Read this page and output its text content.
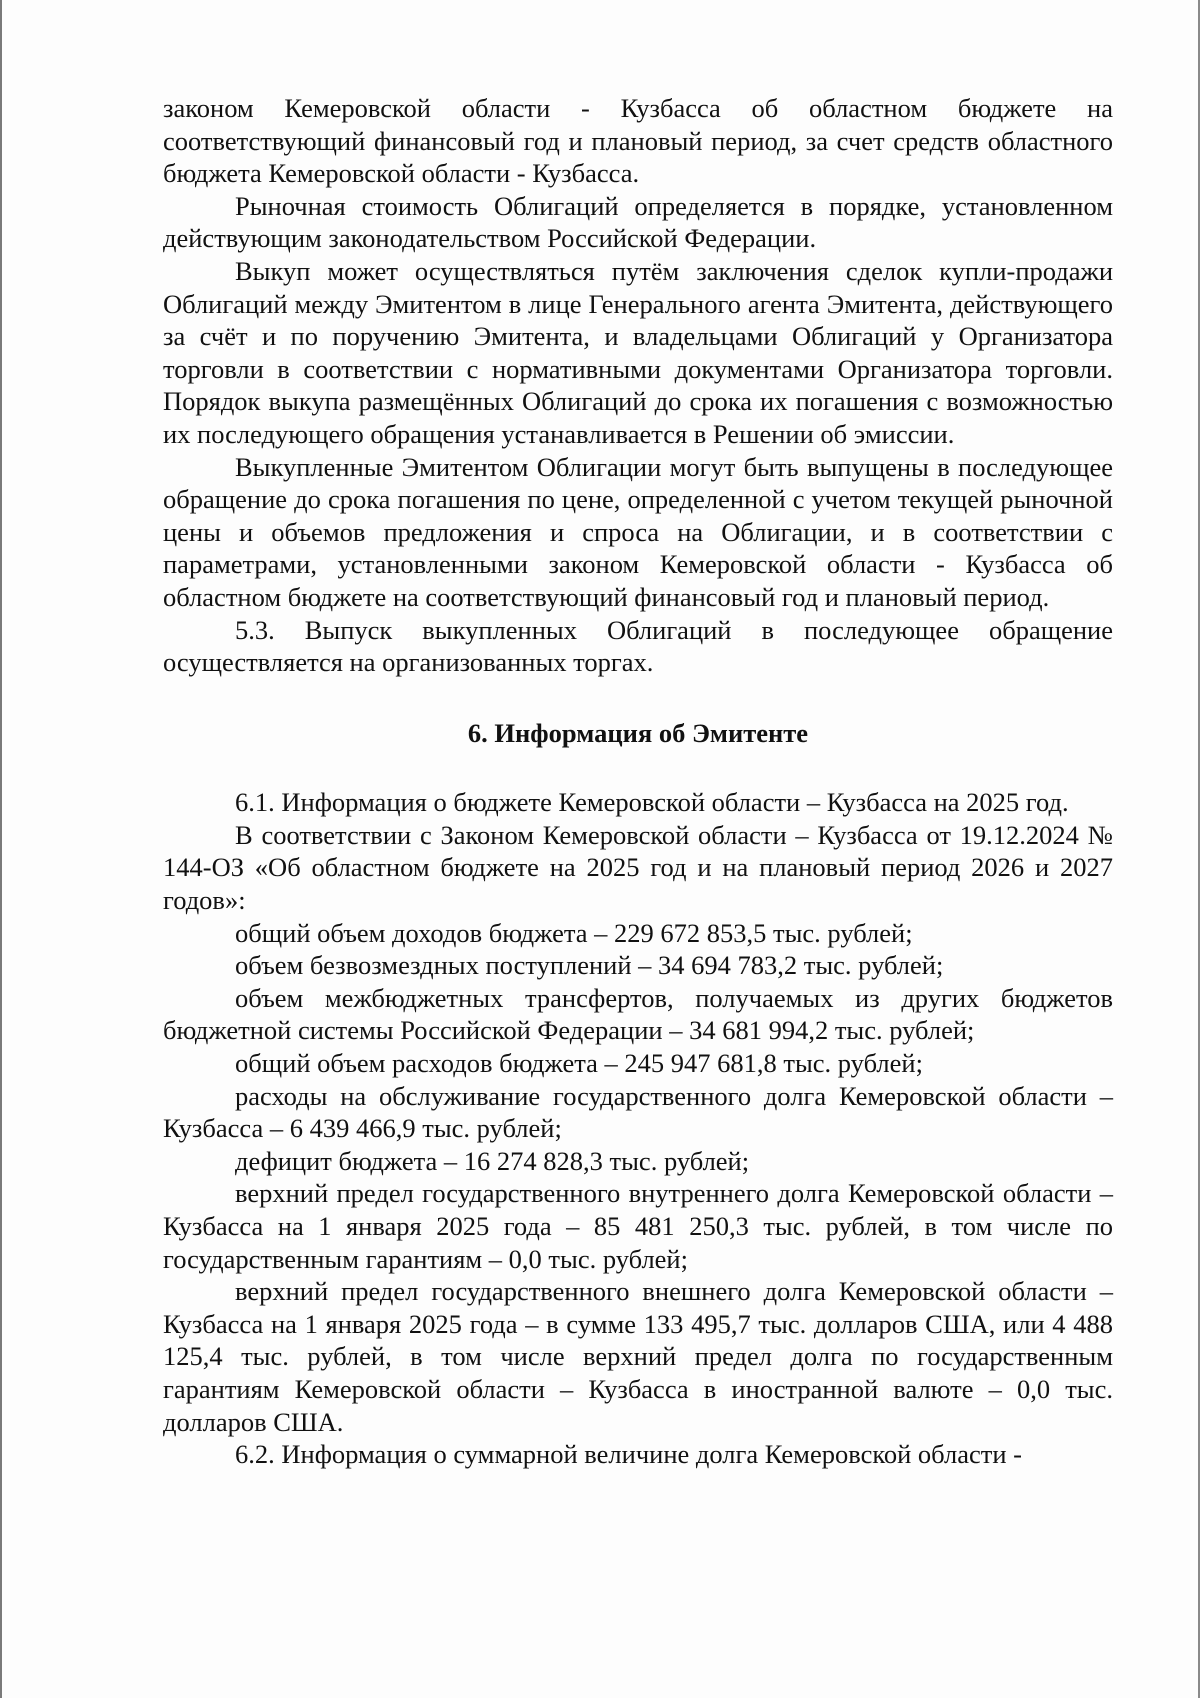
законом Кемеровской области - Кузбасса об областном бюджете на соответствующий финансовый год и плановый период, за счет средств областного бюджета Кемеровской области - Кузбасса.

Рыночная стоимость Облигаций определяется в порядке, установленном действующим законодательством Российской Федерации.

Выкуп может осуществляться путём заключения сделок купли-продажи Облигаций между Эмитентом в лице Генерального агента Эмитента, действующего за счёт и по поручению Эмитента, и владельцами Облигаций у Организатора торговли в соответствии с нормативными документами Организатора торговли. Порядок выкупа размещённых Облигаций до срока их погашения с возможностью их последующего обращения устанавливается в Решении об эмиссии.

Выкупленные Эмитентом Облигации могут быть выпущены в последующее обращение до срока погашения по цене, определенной с учетом текущей рыночной цены и объемов предложения и спроса на Облигации, и в соответствии с параметрами, установленными законом Кемеровской области - Кузбасса об областном бюджете на соответствующий финансовый год и плановый период.

5.3. Выпуск выкупленных Облигаций в последующее обращение осуществляется на организованных торгах.

6. Информация об Эмитенте

6.1. Информация о бюджете Кемеровской области – Кузбасса на 2025 год.

В соответствии с Законом Кемеровской области – Кузбасса от 19.12.2024 № 144-ОЗ «Об областном бюджете на 2025 год и на плановый период 2026 и 2027 годов»:

общий объем доходов бюджета – 229 672 853,5 тыс. рублей;

объем безвозмездных поступлений – 34 694 783,2 тыс. рублей;

объем межбюджетных трансфертов, получаемых из других бюджетов бюджетной системы Российской Федерации – 34 681 994,2 тыс. рублей;

общий объем расходов бюджета – 245 947 681,8 тыс. рублей;

расходы на обслуживание государственного долга Кемеровской области – Кузбасса – 6 439 466,9 тыс. рублей;

дефицит бюджета – 16 274 828,3 тыс. рублей;

верхний предел государственного внутреннего долга Кемеровской области – Кузбасса на 1 января 2025 года – 85 481 250,3 тыс. рублей, в том числе по государственным гарантиям – 0,0 тыс. рублей;

верхний предел государственного внешнего долга Кемеровской области – Кузбасса на 1 января 2025 года – в сумме 133 495,7 тыс. долларов США, или 4 488 125,4 тыс. рублей, в том числе верхний предел долга по государственным гарантиям Кемеровской области – Кузбасса в иностранной валюте – 0,0 тыс. долларов США.

6.2. Информация о суммарной величине долга Кемеровской области -
